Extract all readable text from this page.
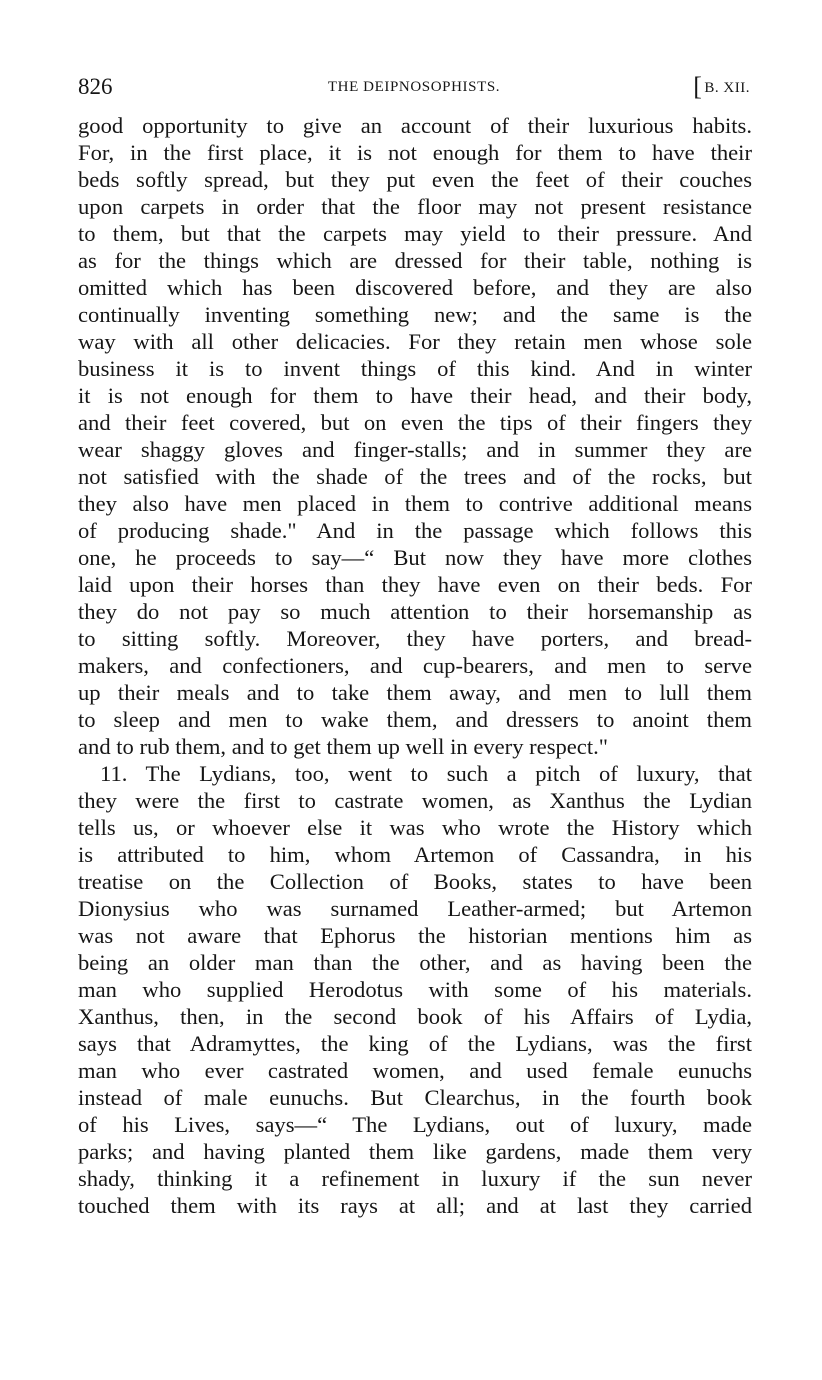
826	THE DEIPNOSOPHISTS.	[ B. XII.
good opportunity to give an account of their luxurious habits.
For, in the first place, it is not enough for them to have their
beds softly spread, but they put even the feet of their couches
upon carpets in order that the floor may not present resistance
to them, but that the carpets may yield to their pressure. And
as for the things which are dressed for their table, nothing is
omitted which has been discovered before, and they are also
continually inventing something new; and the same is the
way with all other delicacies. For they retain men whose sole
business it is to invent things of this kind. And in winter
it is not enough for them to have their head, and their body,
and their feet covered, but on even the tips of their fingers they
wear shaggy gloves and finger-stalls; and in summer they are
not satisfied with the shade of the trees and of the rocks, but
they also have men placed in them to contrive additional means
of producing shade." And in the passage which follows this
one, he proceeds to say—“ But now they have more clothes
laid upon their horses than they have even on their beds. For
they do not pay so much attention to their horsemanship as
to sitting softly. Moreover, they have porters, and bread-
makers, and confectioners, and cup-bearers, and men to serve
up their meals and to take them away, and men to lull them
to sleep and men to wake them, and dressers to anoint them
and to rub them, and to get them up well in every respect."
11. The Lydians, too, went to such a pitch of luxury, that
they were the first to castrate women, as Xanthus the Lydian
tells us, or whoever else it was who wrote the History which
is attributed to him, whom Artemon of Cassandra, in his
treatise on the Collection of Books, states to have been
Dionysius who was surnamed Leather-armed; but Artemon
was not aware that Ephorus the historian mentions him as
being an older man than the other, and as having been the
man who supplied Herodotus with some of his materials.
Xanthus, then, in the second book of his Affairs of Lydia,
says that Adramyttes, the king of the Lydians, was the first
man who ever castrated women, and used female eunuchs
instead of male eunuchs. But Clearchus, in the fourth book
of his Lives, says—“ The Lydians, out of luxury, made
parks; and having planted them like gardens, made them very
shady, thinking it a refinement in luxury if the sun never
touched them with its rays at all; and at last they carried
